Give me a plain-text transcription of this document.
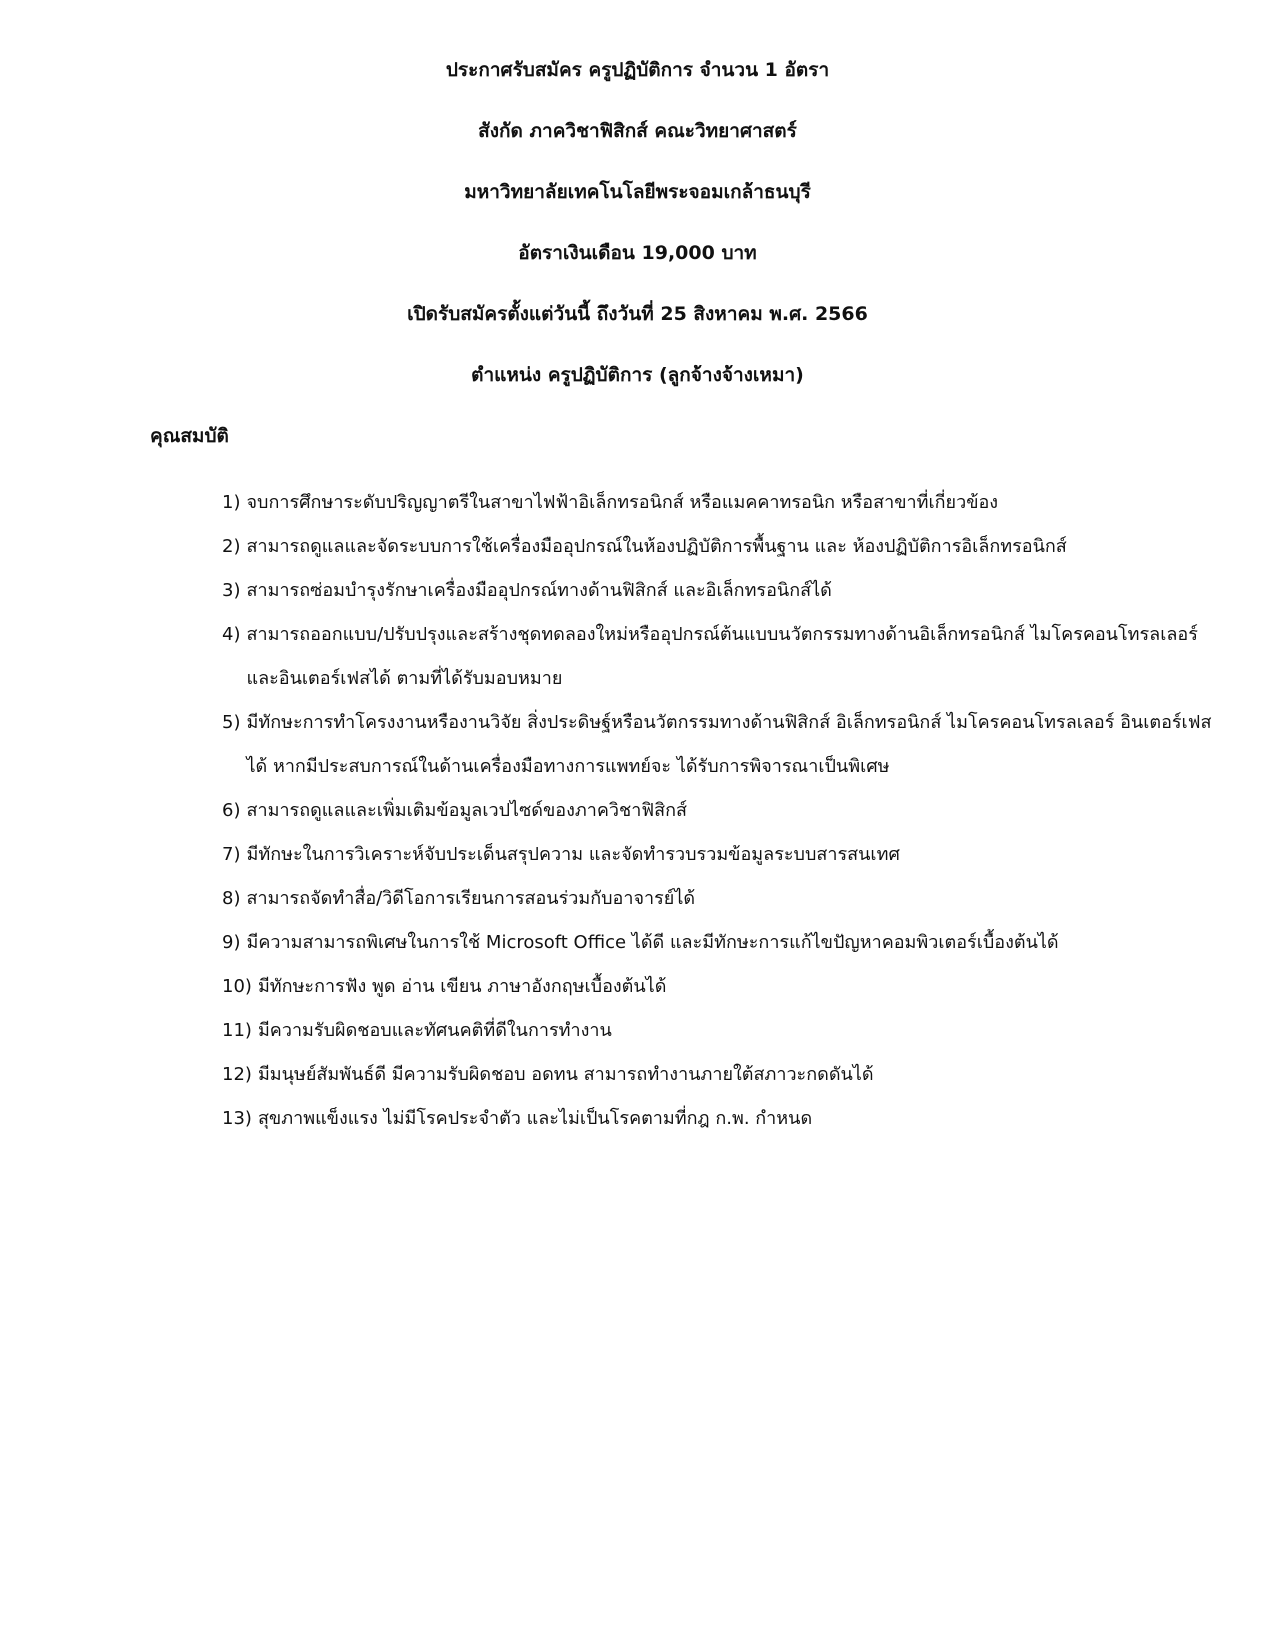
ประกาศรับสมัคร ครูปฏิบัติการ จำนวน 1 อัตรา
สังกัด ภาควิชาฟิสิกส์ คณะวิทยาศาสตร์
มหาวิทยาลัยเทคโนโลยีพระจอมเกล้าธนบุรี
อัตราเงินเดือน 19,000 บาท
เปิดรับสมัครตั้งแต่วันนี้ ถึงวันที่ 25 สิงหาคม พ.ศ. 2566
ตำแหน่ง ครูปฏิบัติการ (ลูกจ้างจ้างเหมา)
คุณสมบัติ
1) จบการศึกษาระดับปริญญาตรีในสาขาไฟฟ้าอิเล็กทรอนิกส์ หรือแมคคาทรอนิก หรือสาขาที่เกี่ยวข้อง
2) สามารถดูแลและจัดระบบการใช้เครื่องมืออุปกรณ์ในห้องปฏิบัติการพื้นฐาน และ ห้องปฏิบัติการอิเล็กทรอนิกส์
3) สามารถซ่อมบำรุงรักษาเครื่องมืออุปกรณ์ทางด้านฟิสิกส์ และอิเล็กทรอนิกส์ได้
4) สามารถออกแบบ/ปรับปรุงและสร้างชุดทดลองใหม่หรืออุปกรณ์ต้นแบบนวัตกรรมทางด้านอิเล็กทรอนิกส์ ไมโครคอนโทรลเลอร์ และอินเตอร์เฟสได้ ตามที่ได้รับมอบหมาย
5) มีทักษะการทำโครงงานหรืองานวิจัย สิ่งประดิษฐ์หรือนวัตกรรมทางด้านฟิสิกส์ อิเล็กทรอนิกส์ ไมโครคอนโทรลเลอร์ อินเตอร์เฟสได้ หากมีประสบการณ์ในด้านเครื่องมือทางการแพทย์จะ ได้รับการพิจารณาเป็นพิเศษ
6) สามารถดูแลและเพิ่มเติมข้อมูลเวปไซด์ของภาควิชาฟิสิกส์
7) มีทักษะในการวิเคราะห์จับประเด็นสรุปความ และจัดทำรวบรวมข้อมูลระบบสารสนเทศ
8) สามารถจัดทำสื่อ/วิดีโอการเรียนการสอนร่วมกับอาจารย์ได้
9) มีความสามารถพิเศษในการใช้ Microsoft Office ได้ดี และมีทักษะการแก้ไขปัญหาคอมพิวเตอร์เบื้องต้นได้
10) มีทักษะการฟัง พูด อ่าน เขียน ภาษาอังกฤษเบื้องต้นได้
11) มีความรับผิดชอบและทัศนคติที่ดีในการทำงาน
12) มีมนุษย์สัมพันธ์ดี มีความรับผิดชอบ อดทน สามารถทำงานภายใต้สภาวะกดดันได้
13) สุขภาพแข็งแรง ไม่มีโรคประจำตัว และไม่เป็นโรคตามที่กฎ ก.พ. กำหนด
